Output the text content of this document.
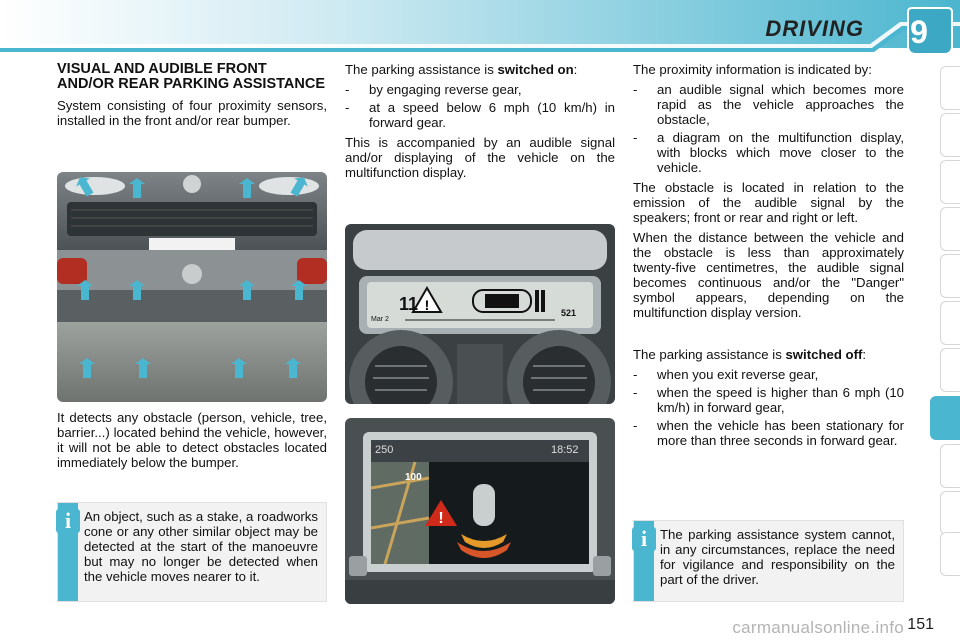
DRIVING	9
VISUAL AND AUDIBLE FRONT AND/OR REAR PARKING ASSISTANCE

System consisting of four proximity sensors, installed in the front and/or rear bumper.

It detects any obstacle (person, vehicle, tree, barrier...) located behind the vehicle, however, it will not be able to detect obstacles located immediately below the bumper.

i An object, such as a stake, a roadworks cone or any other similar object may be detected at the start of the manoeuvre but may no longer be detected when the vehicle moves nearer to it.

The parking assistance is switched on:

- by engaging reverse gear,
- at a speed below 6 mph (10 km/h) in forward gear.

This is accompanied by an audible signal and/or displaying of the vehicle on the multifunction display.

!
11
Mar 2
521
!
250
100
18:52

The proximity information is indicated by:

- an audible signal which becomes more rapid as the vehicle approaches the obstacle,
- a diagram on the multifunction display, with blocks which move closer to the vehicle.

The obstacle is located in relation to the emission of the audible signal by the speakers; front or rear and right or left.

When the distance between the vehicle and the obstacle is less than approximately twenty-five centimetres, the audible signal becomes continuous and/or the "Danger" symbol appears, depending on the multifunction display version.

The parking assistance is switched off:

- when you exit reverse gear,
- when the speed is higher than 6 mph (10 km/h) in forward gear,
- when the vehicle has been stationary for more than three seconds in forward gear.
i The parking assistance system cannot, in any circumstances, replace the need for vigilance and responsibility on the part of the driver.
carmanualsonline.info 151
